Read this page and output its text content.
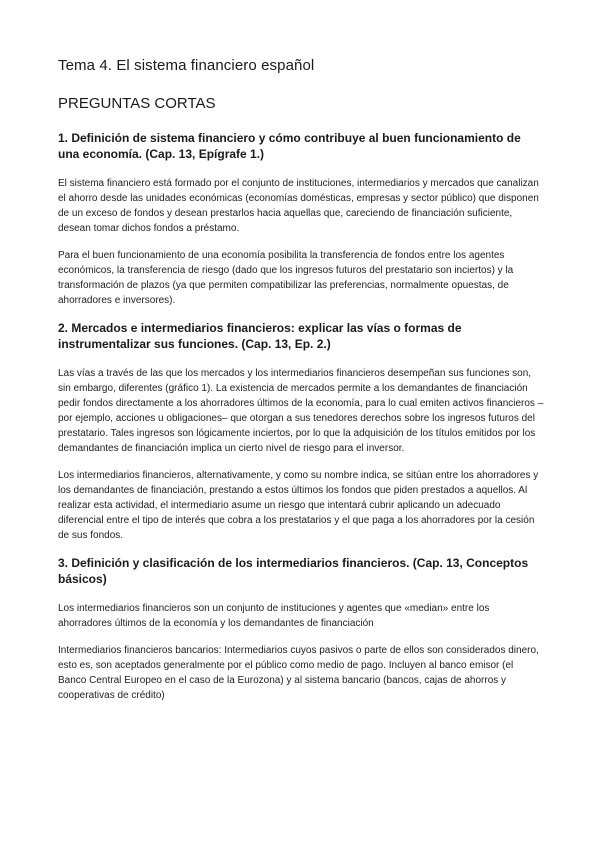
Tema 4. El sistema financiero español
PREGUNTAS CORTAS
1. Definición de sistema financiero y cómo contribuye al buen funcionamiento de una economía. (Cap. 13, Epígrafe 1.)

El sistema financiero está formado por el conjunto de instituciones, intermediarios y mercados que canalizan el ahorro desde las unidades económicas (economías domésticas, empresas y sector público) que disponen de un exceso de fondos y desean prestarlos hacia aquellas que, careciendo de financiación suficiente, desean tomar dichos fondos a préstamo.

Para el buen funcionamiento de una economía posibilita la transferencia de fondos entre los agentes económicos, la transferencia de riesgo (dado que los ingresos futuros del prestatario son inciertos) y la transformación de plazos (ya que permiten compatibilizar las preferencias, normalmente opuestas, de ahorradores e inversores).

2. Mercados e intermediarios financieros: explicar las vías o formas de instrumentalizar sus funciones. (Cap. 13, Ep. 2.)

Las vías a través de las que los mercados y los intermediarios financieros desempeñan sus funciones son, sin embargo, diferentes (gráfico 1). La existencia de mercados permite a los demandantes de financiación pedir fondos directamente a los ahorradores últimos de la economía, para lo cual emiten activos financieros –por ejemplo, acciones u obligaciones– que otorgan a sus tenedores derechos sobre los ingresos futuros del prestatario. Tales ingresos son lógicamente inciertos, por lo que la adquisición de los títulos emitidos por los demandantes de financiación implica un cierto nivel de riesgo para el inversor.

Los intermediarios financieros, alternativamente, y como su nombre indica, se sitúan entre los ahorradores y los demandantes de financiación, prestando a estos últimos los fondos que piden prestados a aquellos. Al realizar esta actividad, el intermediario asume un riesgo que intentará cubrir aplicando un adecuado diferencial entre el tipo de interés que cobra a los prestatarios y el que paga a los ahorradores por la cesión de sus fondos.

3. Definición y clasificación de los intermediarios financieros. (Cap. 13, Conceptos básicos)

Los intermediarios financieros son un conjunto de instituciones y agentes que «median» entre los ahorradores últimos de la economía y los demandantes de financiación

Intermediarios financieros bancarios: Intermediarios cuyos pasivos o parte de ellos son considerados dinero, esto es, son aceptados generalmente por el público como medio de pago. Incluyen al banco emisor (el Banco Central Europeo en el caso de la Eurozona) y al sistema bancario (bancos, cajas de ahorros y cooperativas de crédito)
